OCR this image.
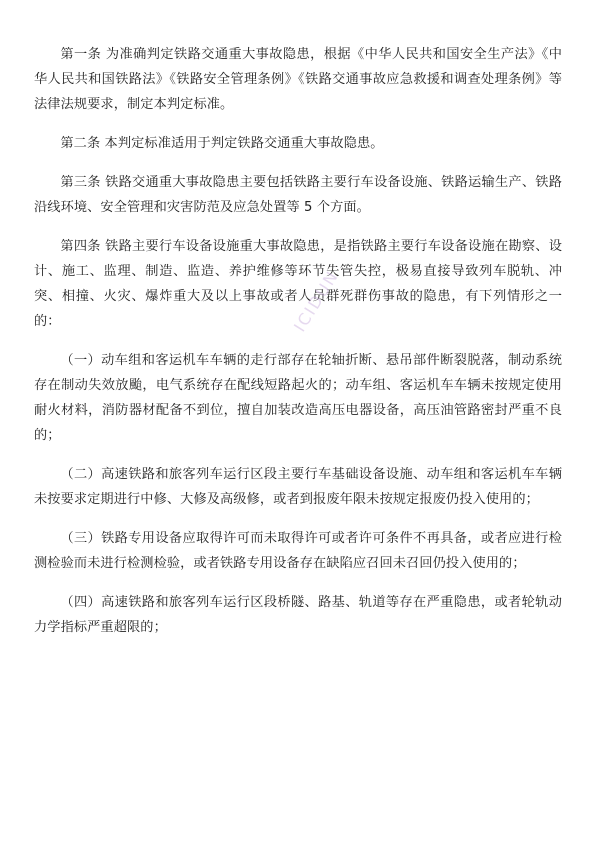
第一条 为准确判定铁路交通重大事故隐患，根据《中华人民共和国安全生产法》《中华人民共和国铁路法》《铁路安全管理条例》《铁路交通事故应急救援和调查处理条例》等法律法规要求，制定本判定标准。

第二条 本判定标准适用于判定铁路交通重大事故隐患。

第三条 铁路交通重大事故隐患主要包括铁路主要行车设备设施、铁路运输生产、铁路沿线环境、安全管理和灾害防范及应急处置等 5 个方面。

第四条 铁路主要行车设备设施重大事故隐患，是指铁路主要行车设备设施在勘察、设计、施工、监理、制造、监造、养护维修等环节失管失控，极易直接导致列车脱轨、冲突、相撞、火灾、爆炸重大及以上事故或者人员群死群伤事故的隐患，有下列情形之一的：

（一）动车组和客运机车车辆的走行部存在轮轴折断、悬吊部件断裂脱落，制动系统存在制动失效放颱，电气系统存在配线短路起火的；动车组、客运机车车辆未按规定使用耐火材料，消防器材配备不到位，擅自加装改造高压电器设备，高压油管路密封严重不良的；

（二）高速铁路和旅客列车运行区段主要行车基础设备设施、动车组和客运机车车辆未按要求定期进行中修、大修及高级修，或者到报废年限未按规定报废仍投入使用的；

（三）铁路专用设备应取得许可而未取得许可或者许可条件不再具备，或者应进行检测检验而未进行检测检验，或者铁路专用设备存在缺陷应召回未召回仍投入使用的；

（四）高速铁路和旅客列车运行区段桥隧、路基、轨道等存在严重隐患，或者轮轨动力学指标严重超限的；

ICIDUN
